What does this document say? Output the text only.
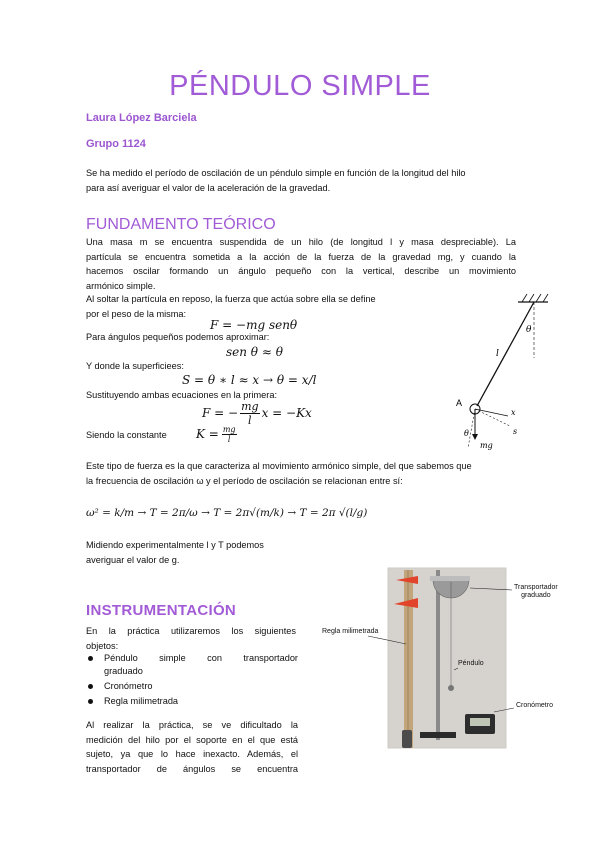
PÉNDULO SIMPLE
Laura López Barciela
Grupo 1124
Se ha medido el período de oscilación de un péndulo simple en función de la longitud del hilo
para así averiguar el valor de la aceleración de la gravedad.
FUNDAMENTO TEÓRICO
Una masa m se encuentra suspendida de un hilo (de longitud l y masa despreciable). La
partícula se encuentra sometida a la acción de la fuerza de la gravedad mg, y cuando la
hacemos oscilar formando un ángulo pequeño con la vertical, describe un movimiento
armónico simple.
Al soltar la partícula en reposo, la fuerza que actúa sobre ella se define
por el peso de la misma:
F = −mg senθ
Para ángulos pequeños podemos aproximar:
sen θ ≈ θ
Y donde la superficiees:
S = θ ∗ l ≈ x → θ = x/l
Sustituyendo ambas ecuaciones en la primera:
F = − $\frac{mg}{l}$ x = −Kx
Siendo la constante $K = \frac{mg}{l}$
θ
l
A
x
s
θ
mg
Este tipo de fuerza es la que caracteriza al movimiento armónico simple, del que sabemos que
la frecuencia de oscilación ω y el período de oscilación se relacionan entre sí:
ω² = k/m → T = 2π/ω → T = 2π√(m/k) → T = 2π √(l/g)
Midiendo experimentalmente l y T podemos
averiguar el valor de g.
INSTRUMENTACIÓN
En la práctica utilizaremos los siguientes
objetos:
Péndulo simple con transportador
graduado
Cronómetro
Regla milimetrada
Al realizar la práctica, se ve dificultado la
medición del hilo por el soporte en el que está
sujeto, ya que lo hace inexacto. Además, el
transportador de ángulos se encuentra
Transportador
graduado
Regla milimetrada
Péndulo
Cronómetro
